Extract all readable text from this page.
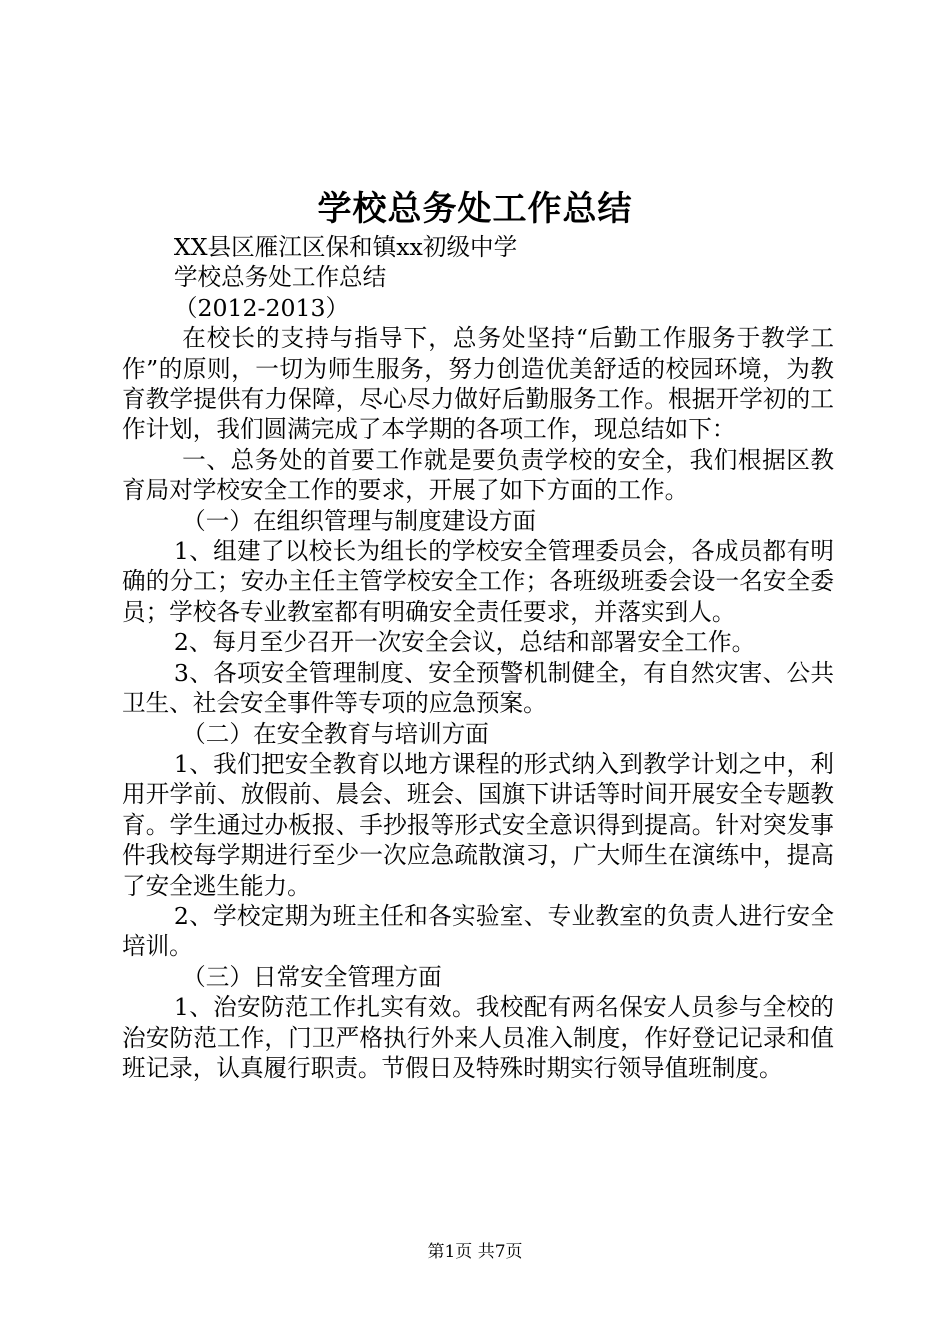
学校总务处工作总结

XX县区雁江区保和镇xx初级中学

学校总务处工作总结

（2012-2013）

在校长的支持与指导下，总务处坚持“后勤工作服务于教学工作”的原则，一切为师生服务，努力创造优美舒适的校园环境，为教育教学提供有力保障，尽心尽力做好后勤服务工作。根据开学初的工作计划，我们圆满完成了本学期的各项工作，现总结如下：

一、总务处的首要工作就是要负责学校的安全，我们根据区教育局对学校安全工作的要求，开展了如下方面的工作。

（一）在组织管理与制度建设方面

1、组建了以校长为组长的学校安全管理委员会，各成员都有明确的分工；安办主任主管学校安全工作；各班级班委会设一名安全委员；学校各专业教室都有明确安全责任要求，并落实到人。

2、每月至少召开一次安全会议，总结和部署安全工作。

3、各项安全管理制度、安全预警机制健全，有自然灾害、公共卫生、社会安全事件等专项的应急预案。

（二）在安全教育与培训方面

1、我们把安全教育以地方课程的形式纳入到教学计划之中，利用开学前、放假前、晨会、班会、国旗下讲话等时间开展安全专题教育。学生通过办板报、手抄报等形式安全意识得到提高。针对突发事件我校每学期进行至少一次应急疏散演习，广大师生在演练中，提高了安全逃生能力。

2、学校定期为班主任和各实验室、专业教室的负责人进行安全培训。

（三）日常安全管理方面

1、治安防范工作扎实有效。我校配有两名保安人员参与全校的治安防范工作，门卫严格执行外来人员准入制度，作好登记记录和值班记录，认真履行职责。节假日及特殊时期实行领导值班制度。

第1页 共7页
